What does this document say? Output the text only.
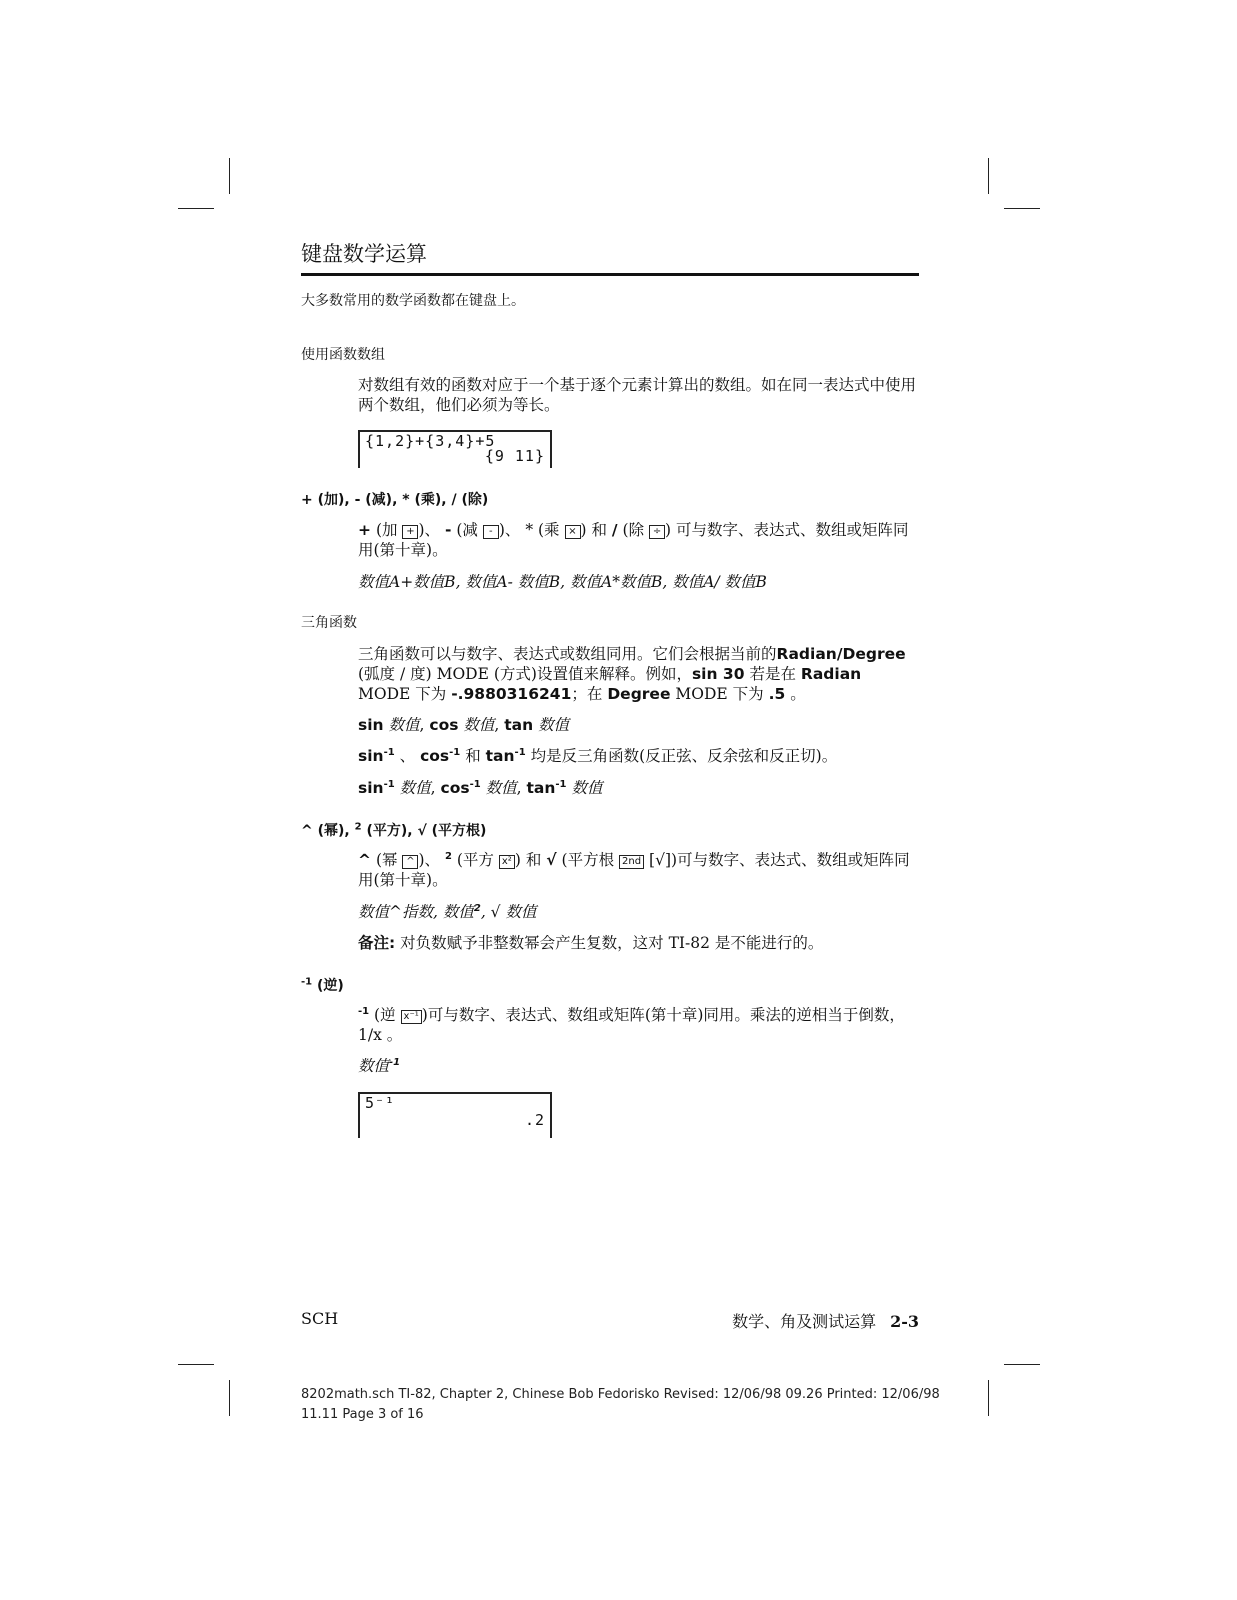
键盘数学运算
大多数常用的数学函数都在键盘上。
使用函数数组
对数组有效的函数对应于一个基于逐个元素计算出的数组。如在同一表达式中使用两个数组，他们必须为等长。
{1,2}+{3,4}+5
{9 11}
+ (加), - (减), * (乘), / (除)
+ (加 + )、 - (减 - )、 * (乘 × ) 和 / (除 ÷ ) 可与数字、表达式、数组或矩阵同用(第十章)。
数值A+数值B, 数值A- 数值B, 数值A*数值B, 数值A/ 数值B
三角函数
三角函数可以与数字、表达式或数组同用。它们会根据当前的Radian/Degree (弧度 / 度) MODE (方式)设置值来解释。例如，sin 30 若是在 Radian MODE 下为 -.9880316241；在 Degree MODE 下为 .5 。
sin 数值, cos 数值, tan 数值
$\sin^{-1}$ 、 $\cos^{-1}$ 和 $\tan^{-1}$ 均是反三角函数(反正弦、反余弦和反正切)。
$\sin^{-1}$ 数值, $\cos^{-1}$ 数值, $\tan^{-1}$ 数值
^ (幂), $^2$ (平方), √ (平方根)
^ (幂 ^ )、 $^2$ (平方 x² ) 和 √ (平方根 2nd [√])可与数字、表达式、数组或矩阵同用(第十章)。
数值^指数, 数值$^2$, √ 数值
备注: 对负数赋予非整数幂会产生复数，这对 TI-82 是不能进行的。
$^{-1}$ (逆)
$^{-1}$ (逆 x⁻¹ )可与数字、表达式、数组或矩阵(第十章)同用。乘法的逆相当于倒数，1/x 。
数值$^{-1}$
5⁻¹
.2
SCH	数学、角及测试运算 2-3
8202math.sch TI-82, Chapter 2, Chinese Bob Fedorisko Revised: 12/06/98 09.26 Printed: 12/06/98
11.11 Page 3 of 16
